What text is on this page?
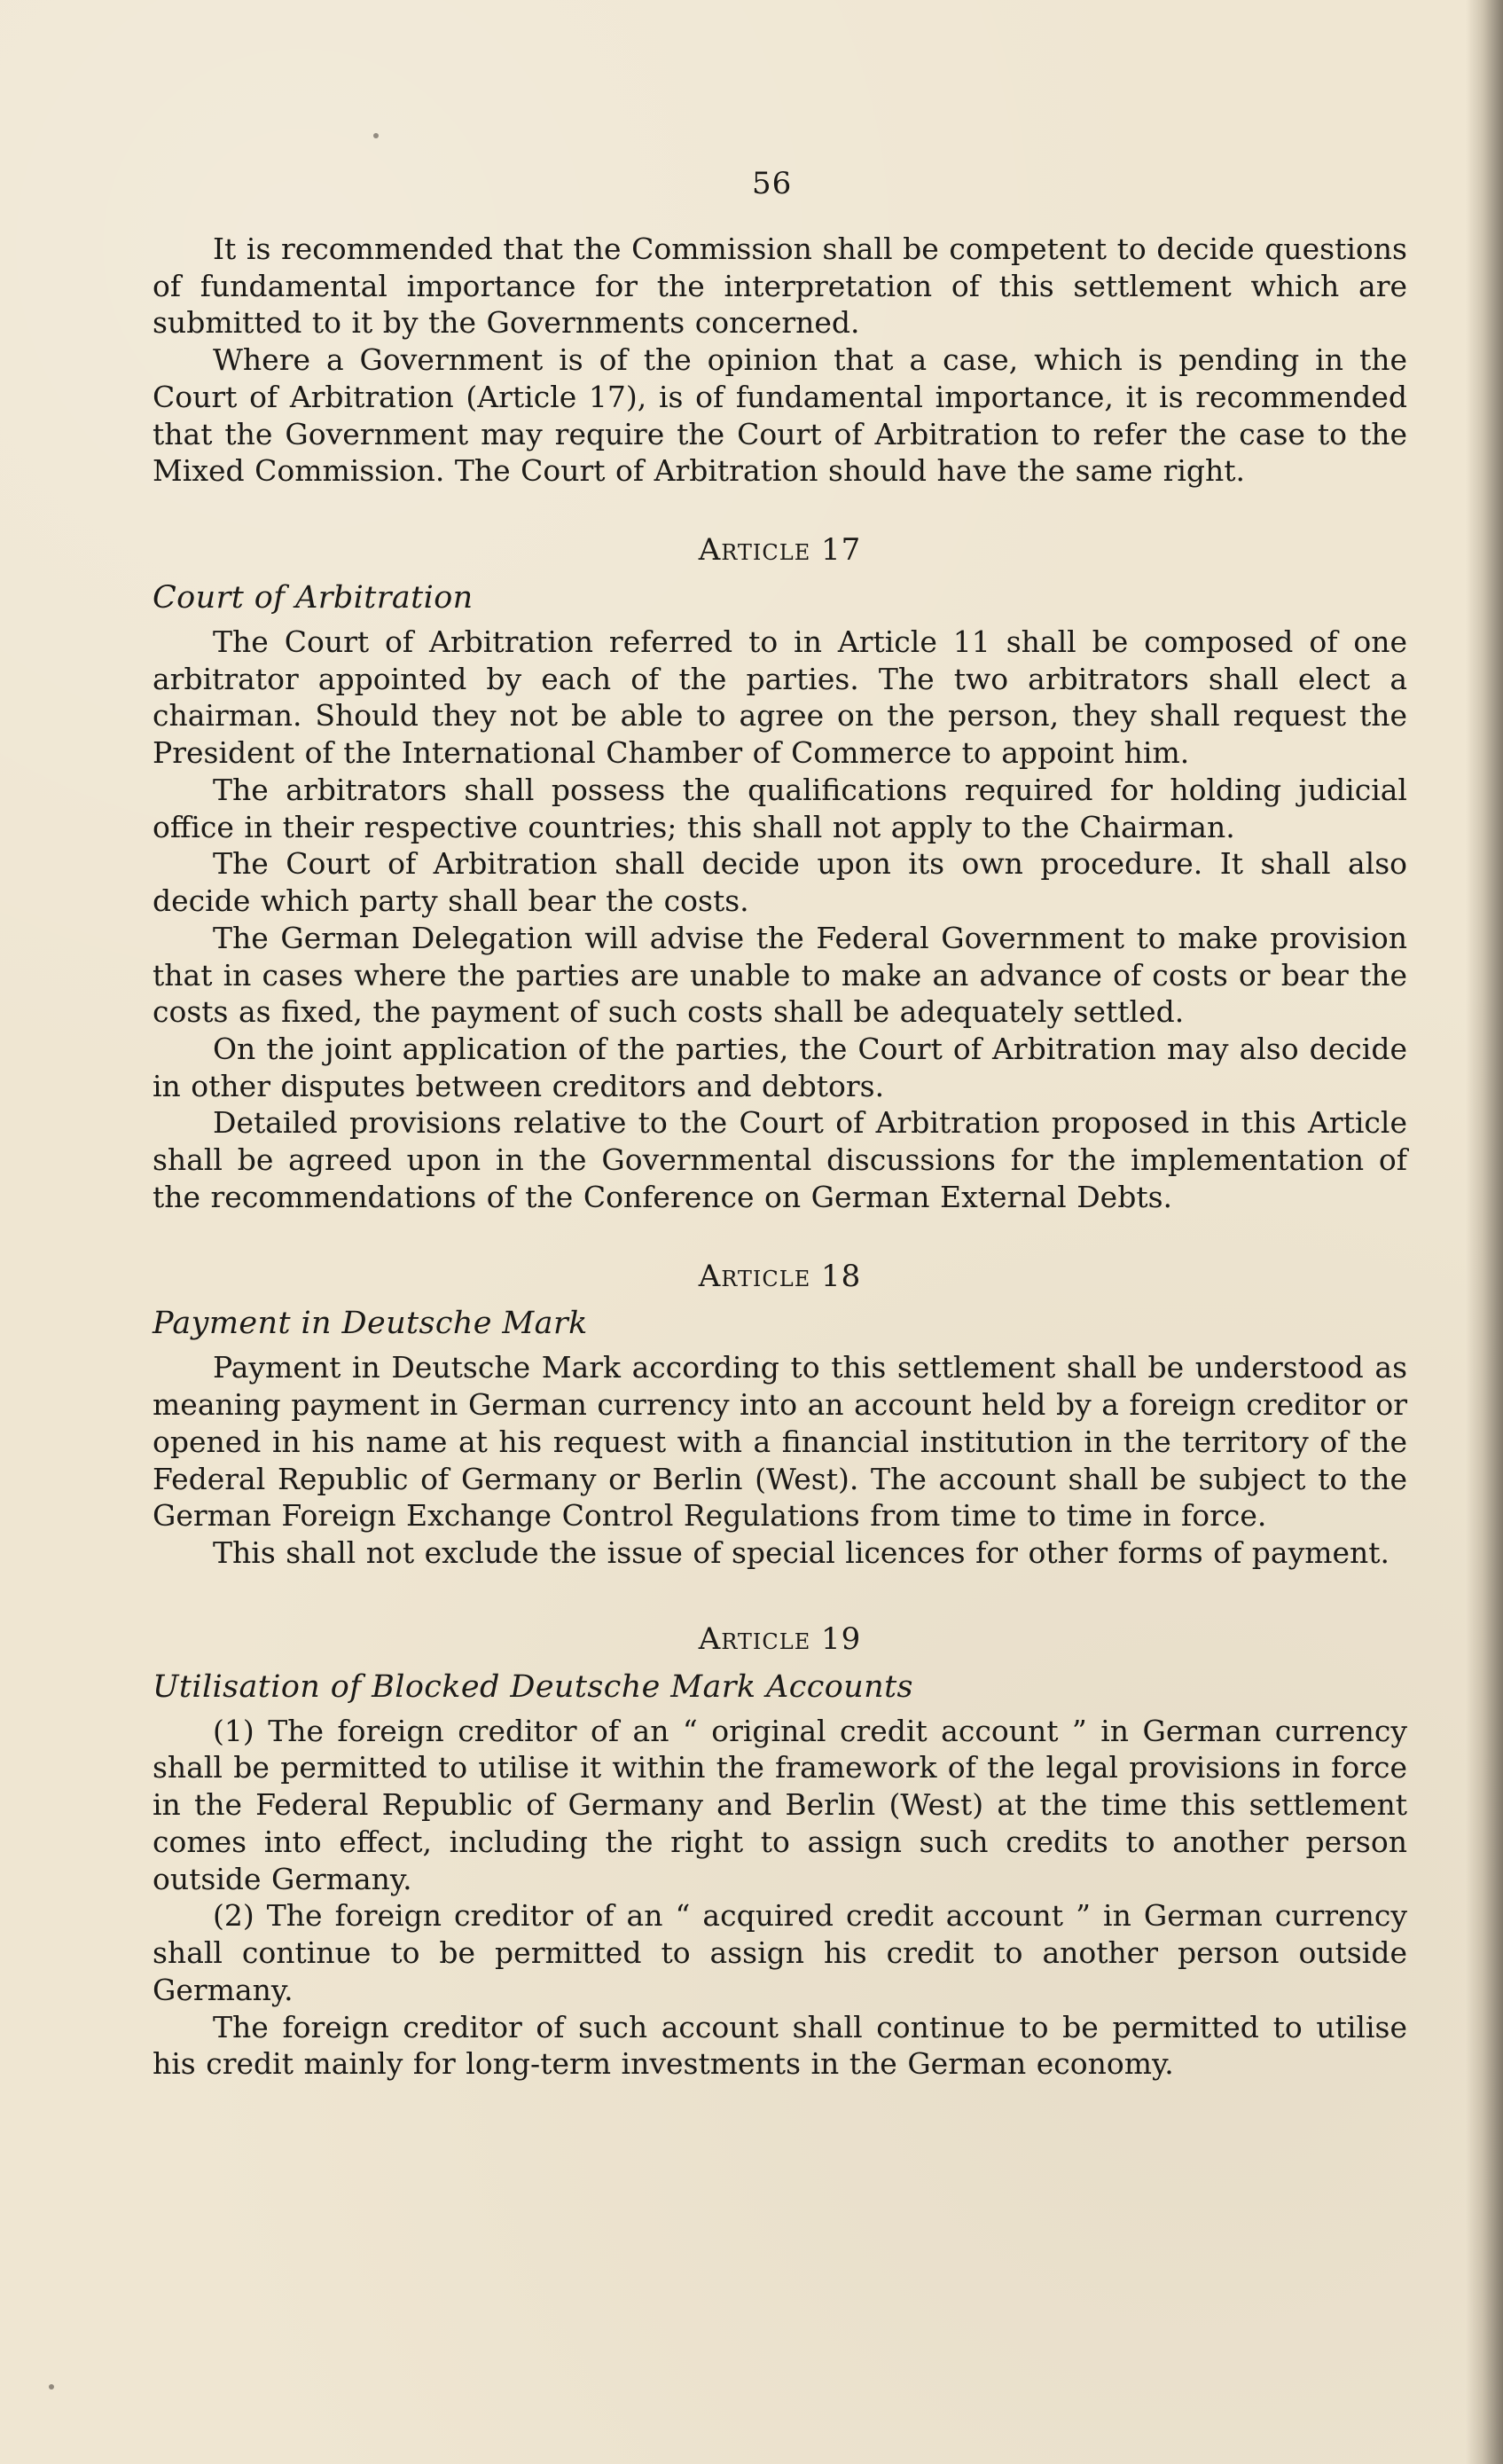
56

It is recommended that the Commission shall be competent to decide questions of fundamental importance for the interpretation of this settlement which are submitted to it by the Governments concerned.

Where a Government is of the opinion that a case, which is pending in the Court of Arbitration (Article 17), is of fundamental importance, it is recommended that the Government may require the Court of Arbitration to refer the case to the Mixed Commission. The Court of Arbitration should have the same right.

Article 17
Court of Arbitration

The Court of Arbitration referred to in Article 11 shall be composed of one arbitrator appointed by each of the parties. The two arbitrators shall elect a chairman. Should they not be able to agree on the person, they shall request the President of the International Chamber of Commerce to appoint him.

The arbitrators shall possess the qualifications required for holding judicial office in their respective countries; this shall not apply to the Chairman.

The Court of Arbitration shall decide upon its own procedure. It shall also decide which party shall bear the costs.

The German Delegation will advise the Federal Government to make provision that in cases where the parties are unable to make an advance of costs or bear the costs as fixed, the payment of such costs shall be adequately settled.

On the joint application of the parties, the Court of Arbitration may also decide in other disputes between creditors and debtors.

Detailed provisions relative to the Court of Arbitration proposed in this Article shall be agreed upon in the Governmental discussions for the implementation of the recommendations of the Conference on German External Debts.

Article 18
Payment in Deutsche Mark

Payment in Deutsche Mark according to this settlement shall be understood as meaning payment in German currency into an account held by a foreign creditor or opened in his name at his request with a financial institution in the territory of the Federal Republic of Germany or Berlin (West). The account shall be subject to the German Foreign Exchange Control Regulations from time to time in force.

This shall not exclude the issue of special licences for other forms of payment.

Article 19
Utilisation of Blocked Deutsche Mark Accounts

(1) The foreign creditor of an “ original credit account ” in German currency shall be permitted to utilise it within the framework of the legal provisions in force in the Federal Republic of Germany and Berlin (West) at the time this settlement comes into effect, including the right to assign such credits to another person outside Germany.

(2) The foreign creditor of an “ acquired credit account ” in German currency shall continue to be permitted to assign his credit to another person outside Germany.

The foreign creditor of such account shall continue to be permitted to utilise his credit mainly for long-term investments in the German economy.
